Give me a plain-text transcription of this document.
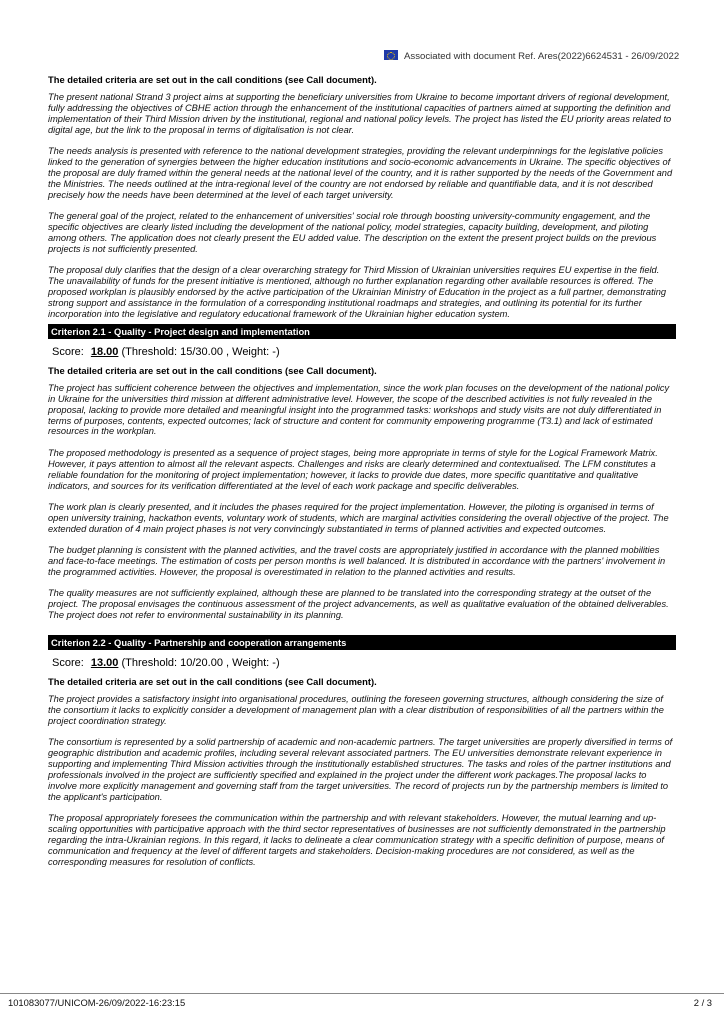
Associated with document Ref. Ares(2022)6624531 - 26/09/2022
The detailed criteria are set out in the call conditions (see Call document).

The present national Strand 3 project aims at supporting the beneficiary universities from Ukraine to become important drivers of regional development, fully addressing the objectives of CBHE action through the enhancement of the institutional capacities of partners aimed at supporting the definition and implementation of their Third Mission driven by the institutional, regional and national policy levels. The project has listed the EU priority areas related to digital age, but the link to the proposal in terms of digitalisation is not clear.

The needs analysis is presented with reference to the national development strategies, providing the relevant underpinnings for the legislative policies linked to the generation of synergies between the higher education institutions and socio-economic advancements in Ukraine. The specific objectives of the proposal are duly framed within the general needs at the national level of the country, and it is rather supported by the needs of the Government and the Ministries. The needs outlined at the intra-regional level of the country are not endorsed by reliable and quantifiable data, and it is not described precisely how the needs have been determined at the level of each target university.

The general goal of the project, related to the enhancement of universities' social role through boosting university-community engagement, and the specific objectives are clearly listed including the development of the national policy, model strategies, capacity building, development, and piloting among others. The application does not clearly present the EU added value. The description on the extent the present project builds on the previous projects is not sufficiently presented.

The proposal duly clarifies that the design of a clear overarching strategy for Third Mission of Ukrainian universities requires EU expertise in the field. The unavailability of funds for the present initiative is mentioned, although no further explanation regarding other available resources is offered. The proposed workplan is plausibly endorsed by the active participation of the Ukrainian Ministry of Education in the project as a full partner, demonstrating strong support and assistance in the formulation of a corresponding institutional roadmaps and strategies, and outlining its potential for its further incorporation into the legislative and regulatory educational framework of the Ukrainian higher education system.

Criterion 2.1 - Quality - Project design and implementation
Score: 18.00 (Threshold: 15/30.00 , Weight: -)
The detailed criteria are set out in the call conditions (see Call document).

The project has sufficient coherence between the objectives and implementation, since the work plan focuses on the development of the national policy in Ukraine for the universities third mission at different administrative level. However, the scope of the described activities is not fully revealed in the proposal, lacking to provide more detailed and meaningful insight into the programmed tasks: workshops and study visits are not duly differentiated in terms of purposes, contents, expected outcomes; lack of structure and content for community empowering programme (T3.1) and lack of estimated resources in the workplan.

The proposed methodology is presented as a sequence of project stages, being more appropriate in terms of style for the Logical Framework Matrix. However, it pays attention to almost all the relevant aspects. Challenges and risks are clearly determined and contextualised. The LFM constitutes a reliable foundation for the monitoring of project implementation; however, it lacks to provide due dates, more specific quantitative and qualitative indicators, and sources for its verification differentiated at the level of each work package and specific deliverables.

The work plan is clearly presented, and it includes the phases required for the project implementation. However, the piloting is organised in terms of open university training, hackathon events, voluntary work of students, which are marginal activities considering the overall objective of the project. The extended duration of 4 main project phases is not very convincingly substantiated in terms of planned activities and expected outcomes.

The budget planning is consistent with the planned activities, and the travel costs are appropriately justified in accordance with the planned mobilities and face-to-face meetings. The estimation of costs per person months is well balanced. It is distributed in accordance with the partners' involvement in the programmed activities. However, the proposal is overestimated in relation to the planned activities and results.

The quality measures are not sufficiently explained, although these are planned to be translated into the corresponding strategy at the outset of the project. The proposal envisages the continuous assessment of the project advancements, as well as qualitative evaluation of the obtained deliverables. The project does not refer to environmental sustainability in its planning.

Criterion 2.2 - Quality - Partnership and cooperation arrangements
Score: 13.00 (Threshold: 10/20.00 , Weight: -)
The detailed criteria are set out in the call conditions (see Call document).

The project provides a satisfactory insight into organisational procedures, outlining the foreseen governing structures, although considering the size of the consortium it lacks to explicitly consider a development of management plan with a clear distribution of responsibilities of all the partners within the project coordination strategy.

The consortium is represented by a solid partnership of academic and non-academic partners. The target universities are properly diversified in terms of geographic distribution and academic profiles, including several relevant associated partners. The EU universities demonstrate relevant experience in supporting and implementing Third Mission activities through the institutionally established structures. The tasks and roles of the partner institutions and professionals involved in the project are sufficiently specified and explained in the project under the different work packages.The proposal lacks to involve more explicitly management and governing staff from the target universities. The record of projects run by the partnership members is limited to the applicant's participation.

The proposal appropriately foresees the communication within the partnership and with relevant stakeholders. However, the mutual learning and up-scaling opportunities with participative approach with the third sector representatives of businesses are not sufficiently demonstrated in the partnership regarding the intra-Ukrainian regions. In this regard, it lacks to delineate a clear communication strategy with a specific definition of purpose, means of communication and frequency at the level of different targets and stakeholders. Decision-making procedures are not considered, as well as the corresponding measures for resolution of conflicts.

101083077/UNICOM-26/09/2022-16:23:15	2 / 3
